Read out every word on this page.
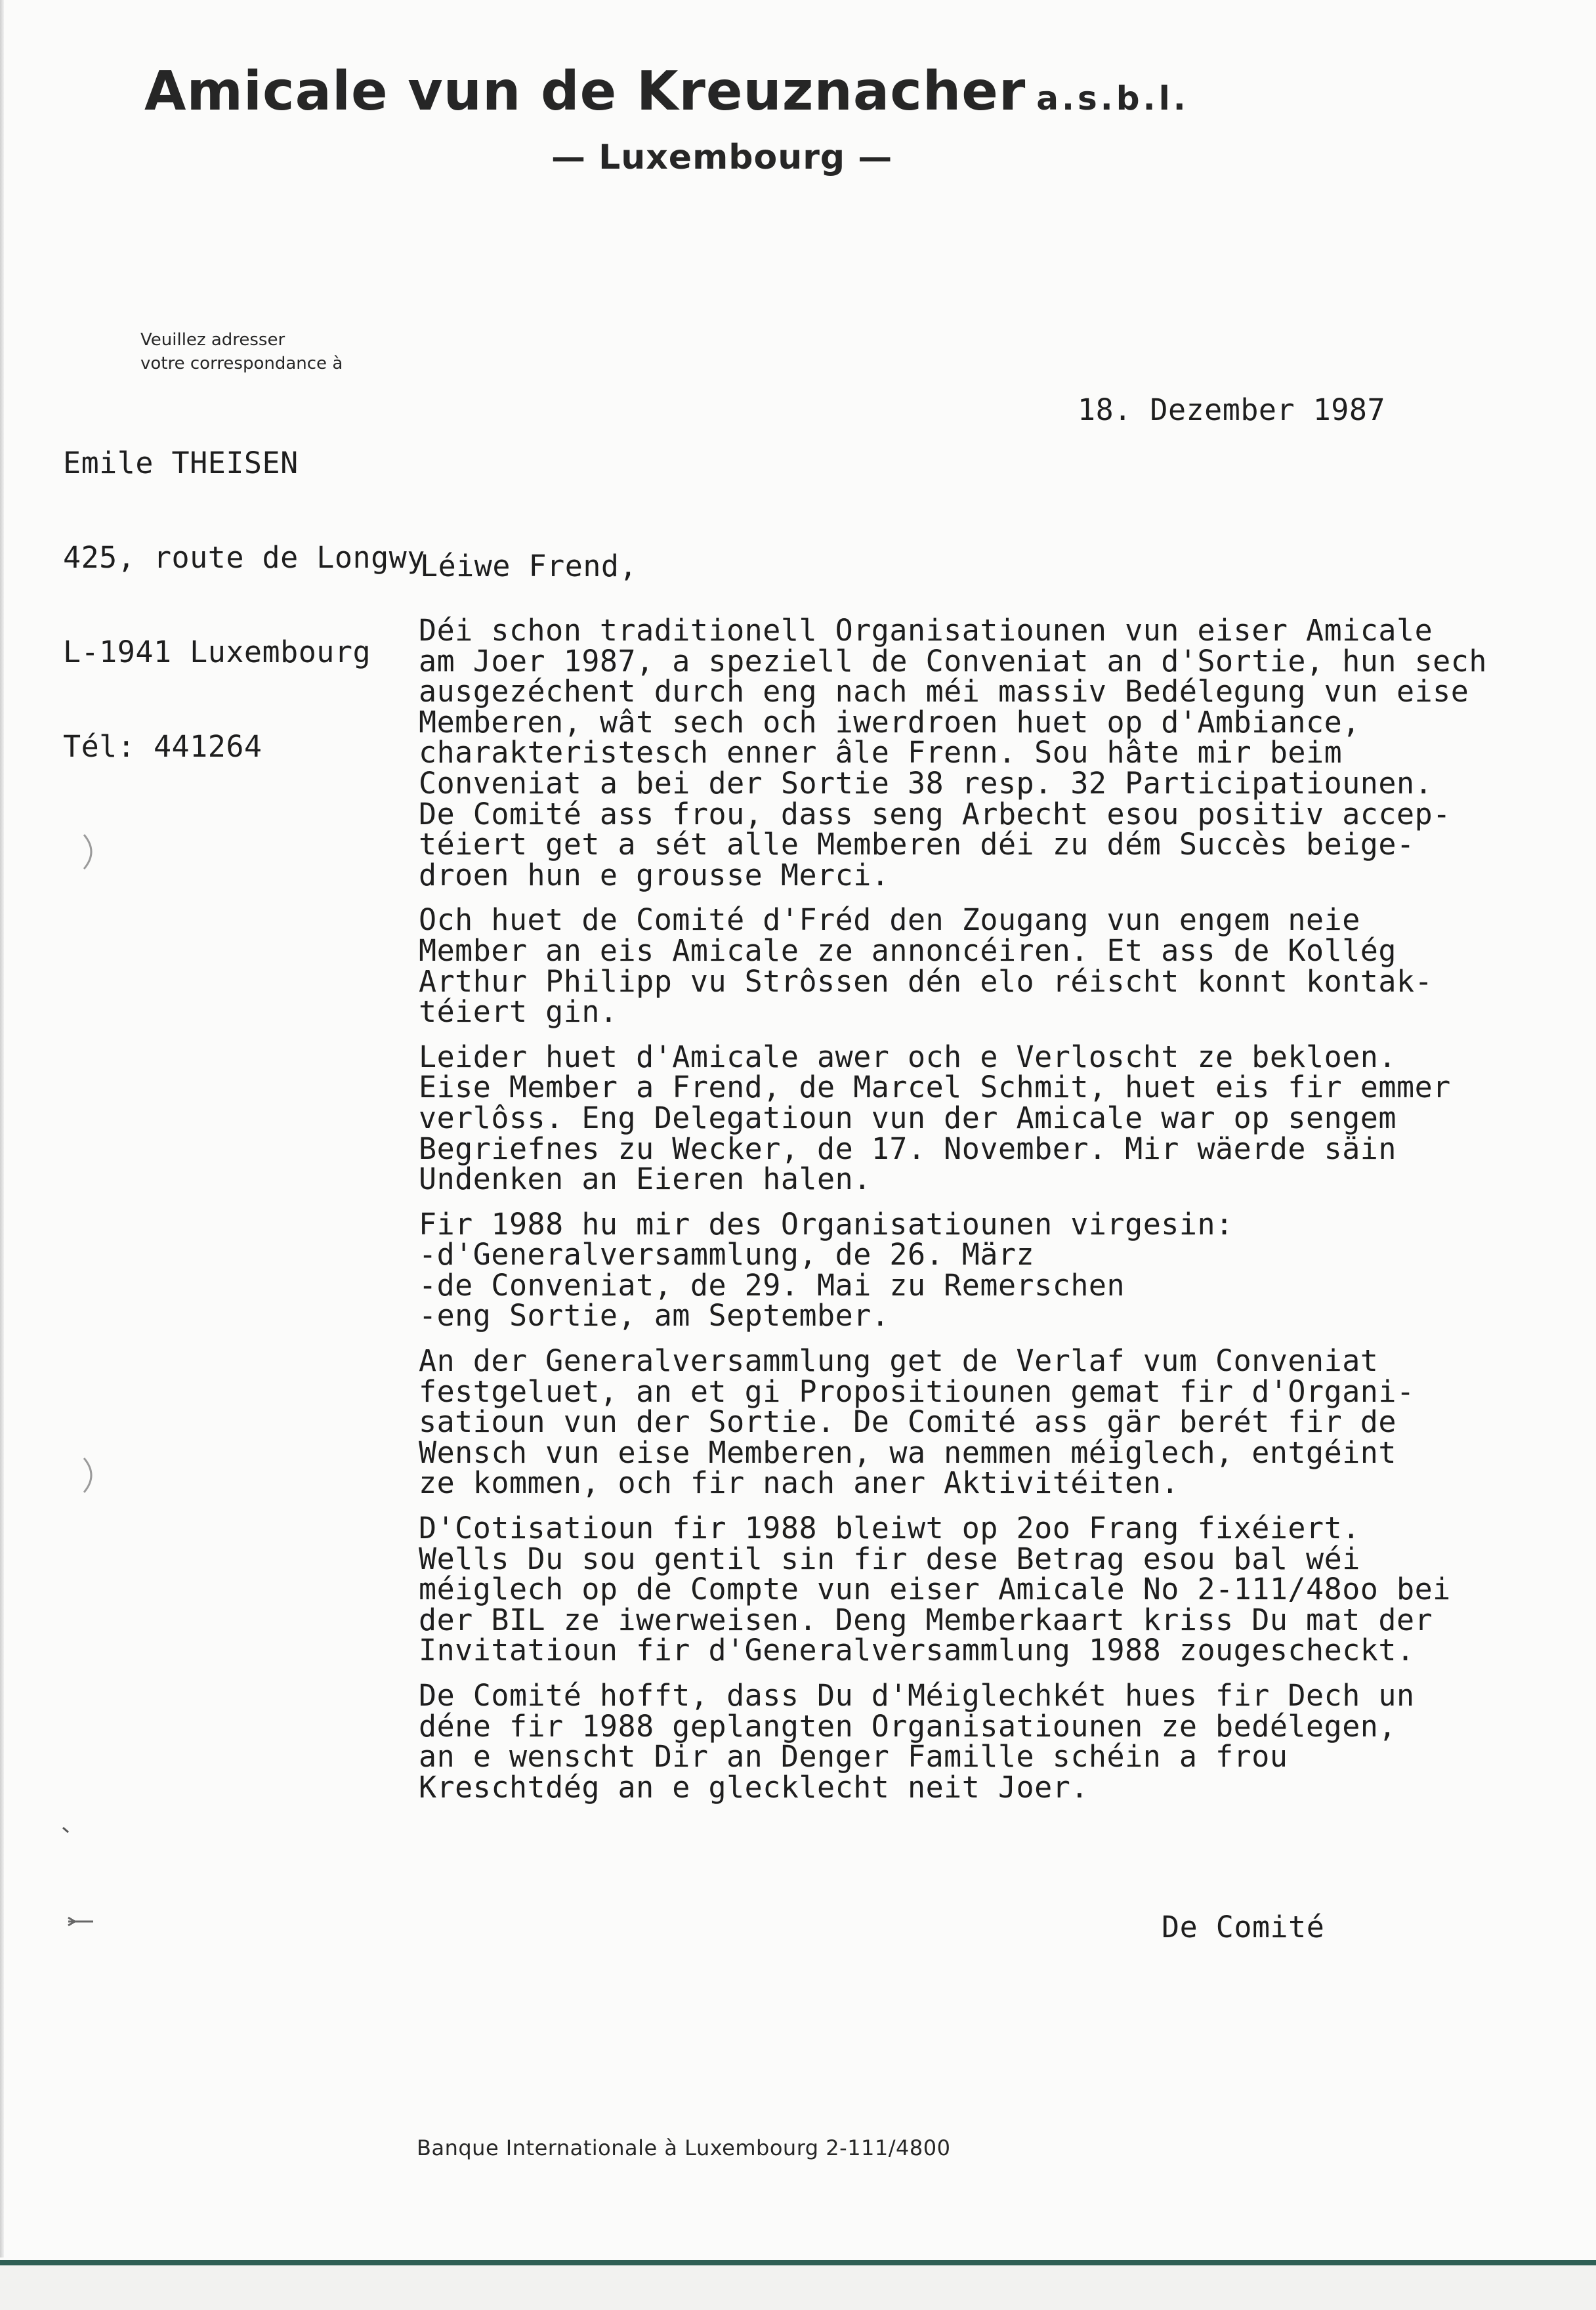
Amicale vun de Kreuznacher a.s.b.l.
— Luxembourg —
Veuillez adresser
votre correspondance à

Emile THEISEN

425, route de Longwy

L-1941 Luxembourg

Tél: 441264

18. Dezember 1987
Léiwe Frend,
Déi schon traditionell Organisatiounen vun eiser Amicale
am Joer 1987, a speziell de Conveniat an d'Sortie, hun sech
ausgezéchent durch eng nach méi massiv Bedélegung vun eise
Memberen, wât sech och iwerdroen huet op d'Ambiance,
charakteristesch enner âle Frenn. Sou hâte mir beim
Conveniat a bei der Sortie 38 resp. 32 Participatiounen.
De Comité ass frou, dass seng Arbecht esou positiv accep-
téiert get a sét alle Memberen déi zu dém Succès beige-
droen hun e grousse Merci.
Och huet de Comité d'Fréd den Zougang vun engem neie
Member an eis Amicale ze annoncéiren. Et ass de Kollég
Arthur Philipp vu Strôssen dén elo réischt konnt kontak-
téiert gin.
Leider huet d'Amicale awer och e Verloscht ze bekloen.
Eise Member a Frend, de Marcel Schmit, huet eis fir emmer
verlôss. Eng Delegatioun vun der Amicale war op sengem
Begriefnes zu Wecker, de 17. November. Mir wäerde säin
Undenken an Eieren halen.
Fir 1988 hu mir des Organisatiounen virgesin:
-d'Generalversammlung, de 26. März
-de Conveniat, de 29. Mai zu Remerschen
-eng Sortie, am September.
An der Generalversammlung get de Verlaf vum Conveniat
festgeluet, an et gi Propositiounen gemat fir d'Organi-
satioun vun der Sortie. De Comité ass gär berét fir de
Wensch vun eise Memberen, wa nemmen méiglech, entgéint
ze kommen, och fir nach aner Aktivitéiten.
D'Cotisatioun fir 1988 bleiwt op 2oo Frang fixéiert.
Wells Du sou gentil sin fir dese Betrag esou bal wéi
méiglech op de Compte vun eiser Amicale No 2-111/48oo bei
der BIL ze iwerweisen. Deng Memberkaart kriss Du mat der
Invitatioun fir d'Generalversammlung 1988 zougescheckt.
De Comité hofft, dass Du d'Méiglechkét hues fir Dech un
déne fir 1988 geplangten Organisatiounen ze bedélegen,
an e wenscht Dir an Denger Famille schéin a frou
Kreschtdég an e glecklecht neit Joer.
De Comité
Banque Internationale à Luxembourg 2-111/4800
